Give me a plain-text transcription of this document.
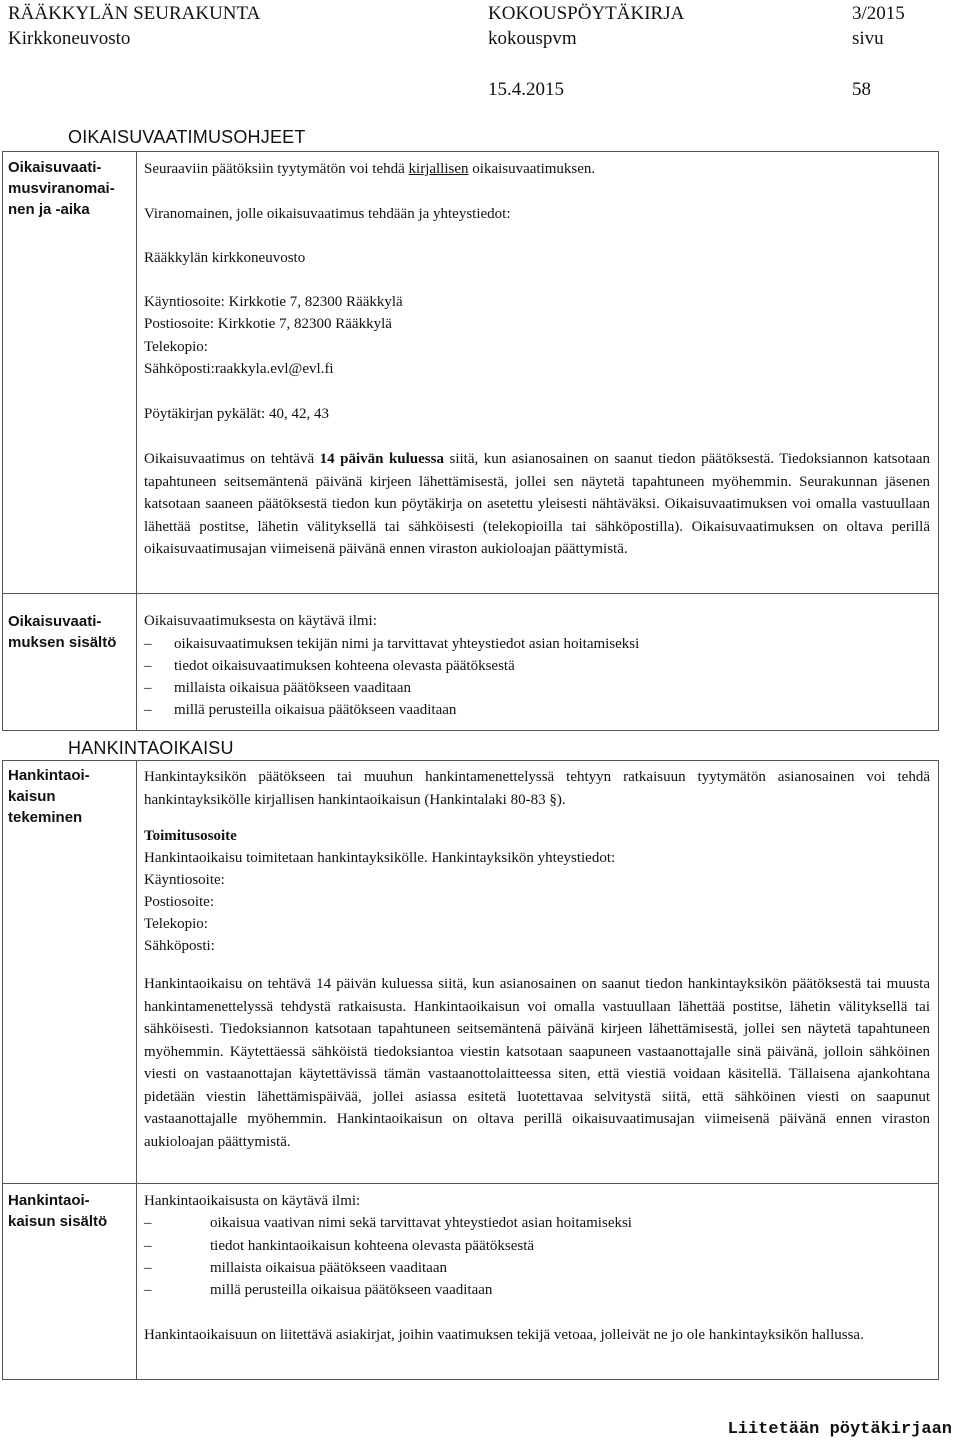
RÄÄKKYLÄN SEURAKUNTA
Kirkkoneuvosto
KOKOUSPÖYTÄKIRJA
kokouspvm
15.4.2015
3/2015
sivu
58
OIKAISUVAATIMUSOHJEET
Oikaisuvaati-
musviranomai-
nen ja -aika
Seuraaviin päätöksiin tyytymätön voi tehdä kirjallisen oikaisuvaatimuksen.
Viranomainen, jolle oikaisuvaatimus tehdään ja yhteystiedot:
Rääkkylän kirkkoneuvosto
Käyntiosoite: Kirkkotie 7, 82300 Rääkkylä
Postiosoite: Kirkkotie 7, 82300 Rääkkylä
Telekopio:
Sähköposti:raakkyla.evl@evl.fi
Pöytäkirjan pykälät: 40, 42, 43
Oikaisuvaatimus on tehtävä 14 päivän kuluessa siitä, kun asianosainen on saanut tiedon päätöksestä. Tiedoksiannon katsotaan tapahtuneen seitsemäntenä päivänä kirjeen lähettämisestä, jollei sen näytetä tapahtuneen myöhemmin. Seurakunnan jäsenen katsotaan saaneen päätöksestä tiedon kun pöytäkirja on asetettu yleisesti nähtäväksi. Oikaisuvaatimuksen voi omalla vastuullaan lähettää postitse, lähetin välityksellä tai sähköisesti (telekopioilla tai sähköpostilla). Oikaisuvaatimuksen on oltava perillä oikaisuvaatimusajan viimeisenä päivänä ennen viraston aukioloajan päättymistä.
Oikaisuvaati-
muksen sisältö
Oikaisuvaatimuksesta on käytävä ilmi:
– oikaisuvaatimuksen tekijän nimi ja tarvittavat yhteystiedot asian hoitamiseksi
– tiedot oikaisuvaatimuksen kohteena olevasta päätöksestä
– millaista oikaisua päätökseen vaaditaan
– millä perusteilla oikaisua päätökseen vaaditaan
HANKINTAOIKAISU
Hankintaoi-
kaisun
tekeminen
Hankintayksikön päätökseen tai muuhun hankintamenettelyssä tehtyyn ratkaisuun tyytymätön asianosainen voi tehdä hankintayksikölle kirjallisen hankintaoikaisun (Hankintalaki 80-83 §).
Toimitusosoite
Hankintaoikaisu toimitetaan hankintayksikölle. Hankintayksikön yhteystiedot:
Käyntiosoite:
Postiosoite:
Telekopio:
Sähköposti:
Hankintaoikaisu on tehtävä 14 päivän kuluessa siitä, kun asianosainen on saanut tiedon hankintayksikön päätöksestä tai muusta hankintamenettelyssä tehdystä ratkaisusta. Hankintaoikaisun voi omalla vastuullaan lähettää postitse, lähetin välityksellä tai sähköisesti. Tiedoksiannon katsotaan tapahtuneen seitsemäntenä päivänä kirjeen lähettämisestä, jollei sen näytetä tapahtuneen myöhemmin. Käytettäessä sähköistä tiedoksiantoa viestin katsotaan saapuneen vastaanottajalle sinä päivänä, jolloin sähköinen viesti on vastaanottajan käytettävissä tämän vastaanottolaitteessa siten, että viestiä voidaan käsitellä. Tällaisena ajankohtana pidetään viestin lähettämispäivää, jollei asiassa esitetä luotettavaa selvitystä siitä, että sähköinen viesti on saapunut vastaanottajalle myöhemmin. Hankintaoikaisun on oltava perillä oikaisuvaatimusajan viimeisenä päivänä ennen viraston aukioloajan päättymistä.
Hankintaoi-
kaisun sisältö
Hankintaoikaisusta on käytävä ilmi:
–	oikaisua vaativan nimi sekä tarvittavat yhteystiedot asian hoitamiseksi
–	tiedot hankintaoikaisun kohteena olevasta päätöksestä
–	millaista oikaisua päätökseen vaaditaan
–	millä perusteilla oikaisua päätökseen vaaditaan
Hankintaoikaisuun on liitettävä asiakirjat, joihin vaatimuksen tekijä vetoaa, jolleivät ne jo ole hankintayksikön hallussa.
Liitetään pöytäkirjaan
